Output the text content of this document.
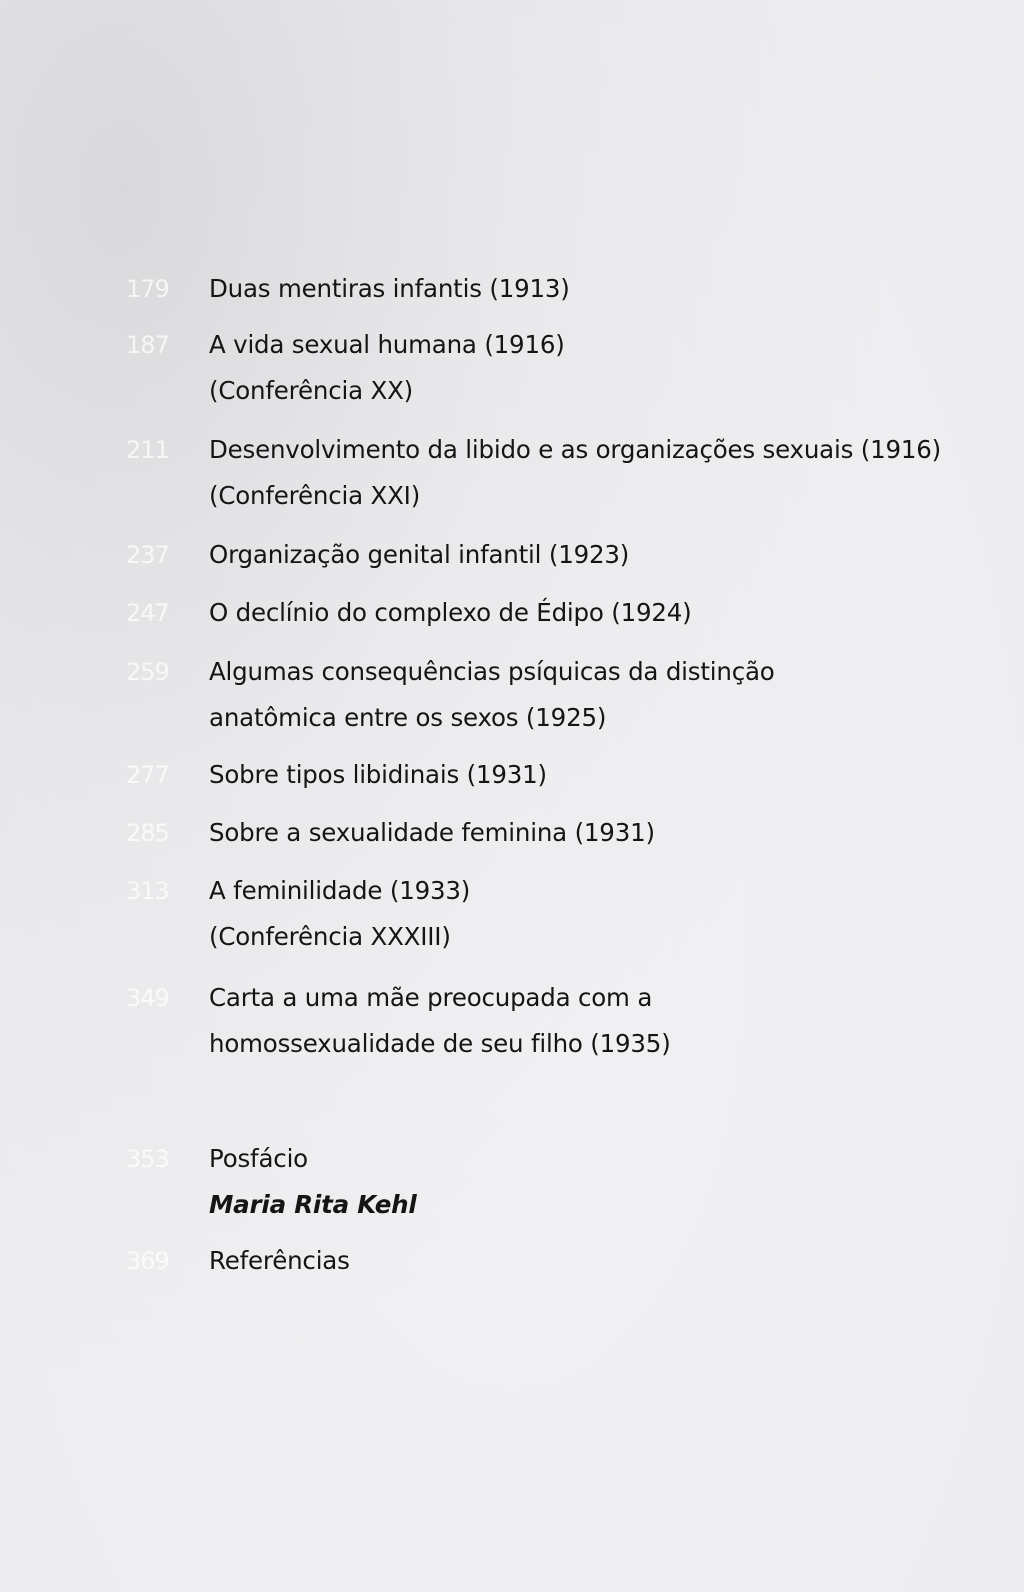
179	Duas mentiras infantis (1913)
187	A vida sexual humana (1916)
(Conferência XX)
211	Desenvolvimento da libido e as organizações sexuais (1916)
(Conferência XXI)
237	Organização genital infantil (1923)
247	O declínio do complexo de Édipo (1924)
259	Algumas consequências psíquicas da distinção
anatômica entre os sexos (1925)
277	Sobre tipos libidinais (1931)
285	Sobre a sexualidade feminina (1931)
313	A feminilidade (1933)
(Conferência XXXIII)
349	Carta a uma mãe preocupada com a
homossexualidade de seu filho (1935)
353	Posfácio
Maria Rita Kehl
369	Referências
